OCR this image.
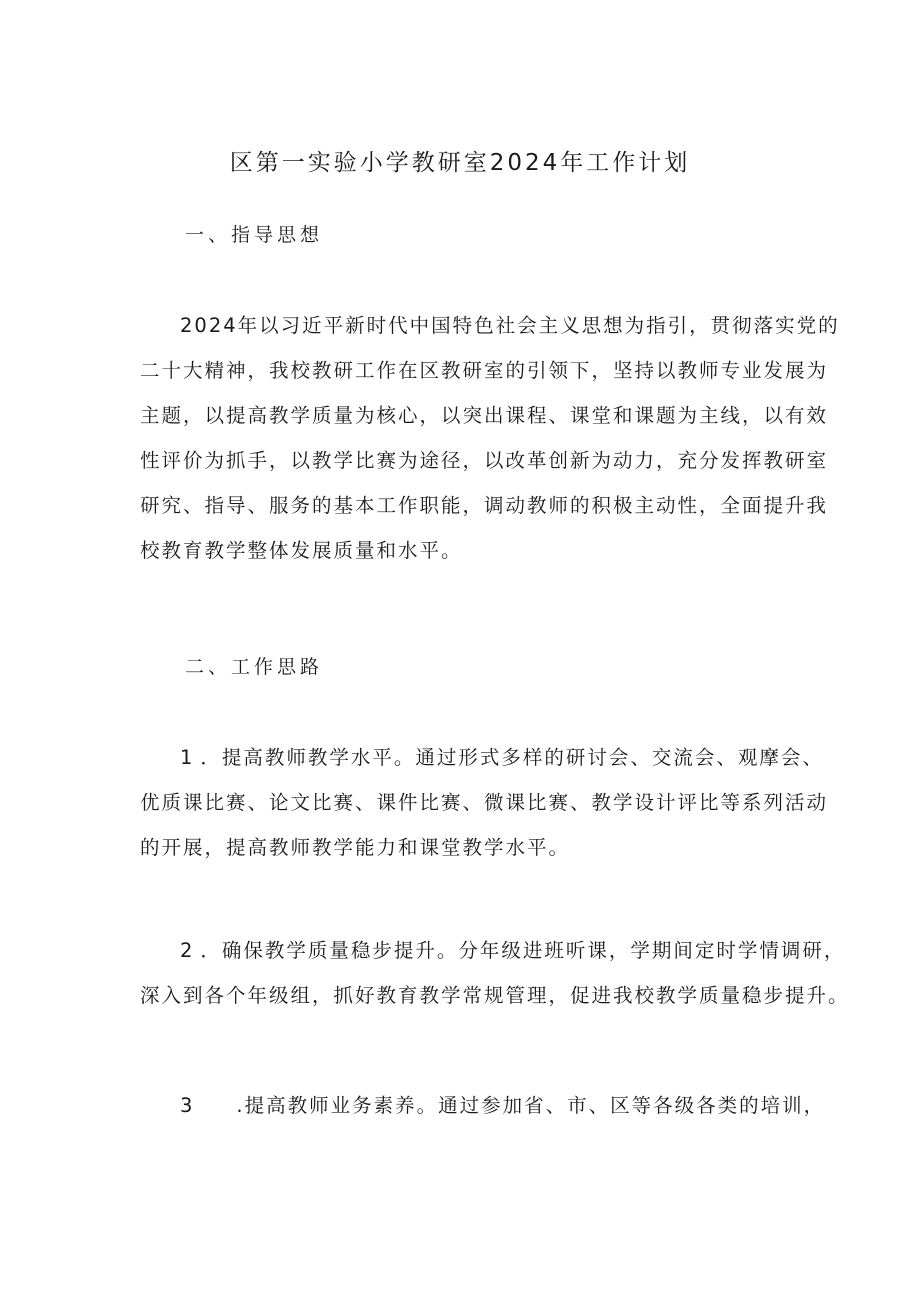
区第一实验小学教研室2024年工作计划
一、指导思想
2024年以习近平新时代中国特色社会主义思想为指引，贯彻落实党的
二十大精神，我校教研工作在区教研室的引领下，坚持以教师专业发展为
主题，以提高教学质量为核心，以突出课程、课堂和课题为主线，以有效
性评价为抓手，以教学比赛为途径，以改革创新为动力，充分发挥教研室
研究、指导、服务的基本工作职能，调动教师的积极主动性，全面提升我
校教育教学整体发展质量和水平。
二、工作思路
1 ．提高教师教学水平。通过形式多样的研讨会、交流会、观摩会、
优质课比赛、论文比赛、课件比赛、微课比赛、教学设计评比等系列活动
的开展，提高教师教学能力和课堂教学水平。
2 ．确保教学质量稳步提升。分年级进班听课，学期间定时学情调研，
深入到各个年级组，抓好教育教学常规管理，促进我校教学质量稳步提升。
3 .提高教师业务素养。通过参加省、市、区等各级各类的培训，
